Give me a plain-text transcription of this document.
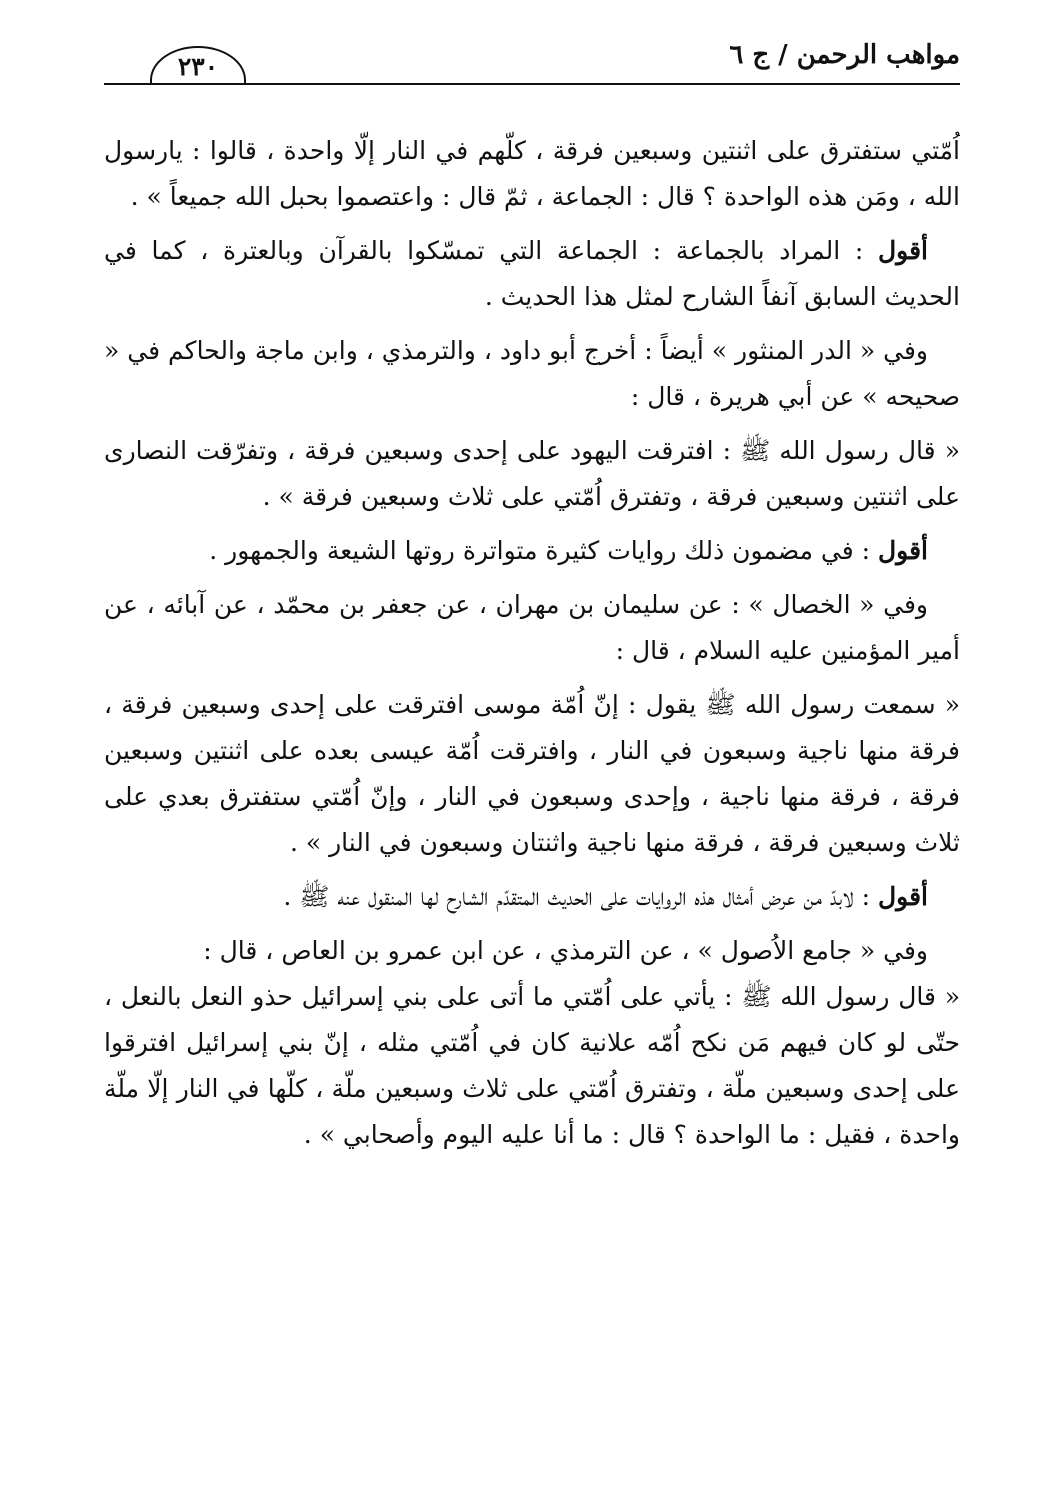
مواهب الرحمن / ج ٦
٢٣٠

اُمّتي ستفترق على اثنتين وسبعين فرقة ، كلّهم في النار إلّا واحدة ، قالوا : يارسول الله ، ومَن هذه الواحدة ؟ قال : الجماعة ، ثمّ قال : واعتصموا بحبل الله جميعاً » .

أقول : المراد بالجماعة : الجماعة التي تمسّكوا بالقرآن وبالعترة ، كما في الحديث السابق آنفاً الشارح لمثل هذا الحديث .

وفي « الدر المنثور » أيضاً : أخرج أبو داود ، والترمذي ، وابن ماجة والحاكم في « صحيحه » عن أبي هريرة ، قال :

« قال رسول الله ﷺ : افترقت اليهود على إحدى وسبعين فرقة ، وتفرّقت النصارى على اثنتين وسبعين فرقة ، وتفترق اُمّتي على ثلاث وسبعين فرقة » .

أقول : في مضمون ذلك روايات كثيرة متواترة روتها الشيعة والجمهور .

وفي « الخصال » : عن سليمان بن مهران ، عن جعفر بن محمّد ، عن آبائه ، عن أمير المؤمنين عليه السلام ، قال :

« سمعت رسول الله ﷺ يقول : إنّ اُمّة موسى افترقت على إحدى وسبعين فرقة ، فرقة منها ناجية وسبعون في النار ، وافترقت اُمّة عيسى بعده على اثنتين وسبعين فرقة ، فرقة منها ناجية ، وإحدى وسبعون في النار ، وإنّ اُمّتي ستفترق بعدي على ثلاث وسبعين فرقة ، فرقة منها ناجية واثنتان وسبعون في النار » .

أقول : لابدّ من عرض أمثال هذه الروايات على الحديث المتقدّم الشارح لها المنقول عنه ﷺ .

وفي « جامع الاُصول » ، عن الترمذي ، عن ابن عمرو بن العاص ، قال :

« قال رسول الله ﷺ : يأتي على اُمّتي ما أتى على بني إسرائيل حذو النعل بالنعل ، حتّى لو كان فيهم مَن نكح اُمّه علانية كان في اُمّتي مثله ، إنّ بني إسرائيل افترقوا على إحدى وسبعين ملّة ، وتفترق اُمّتي على ثلاث وسبعين ملّة ، كلّها في النار إلّا ملّة واحدة ، فقيل : ما الواحدة ؟ قال : ما أنا عليه اليوم وأصحابي » .
